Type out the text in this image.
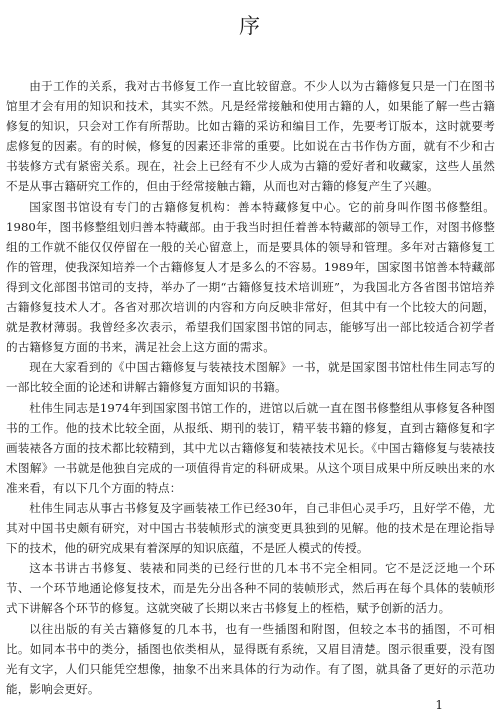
序

由于工作的关系，我对古书修复工作一直比较留意。不少人以为古籍修复只是一门在图书馆里才会有用的知识和技术，其实不然。凡是经常接触和使用古籍的人，如果能了解一些古籍修复的知识，只会对工作有所帮助。比如古籍的采访和编目工作，先要考订版本，这时就要考虑修复的因素。有的时候，修复的因素还非常的重要。比如说在古书作伪方面，就有不少和古书装修方式有紧密关系。现在，社会上已经有不少人成为古籍的爱好者和收藏家，这些人虽然不是从事古籍研究工作的，但由于经常接触古籍，从而也对古籍的修复产生了兴趣。

国家图书馆设有专门的古籍修复机构：善本特藏修复中心。它的前身叫作图书修整组。1980年，图书修整组划归善本特藏部。由于我当时担任着善本特藏部的领导工作，对图书修整组的工作就不能仅仅停留在一般的关心留意上，而是要具体的领导和管理。多年对古籍修复工作的管理，使我深知培养一个古籍修复人才是多么的不容易。1989年，国家图书馆善本特藏部得到文化部图书馆司的支持，举办了一期“古籍修复技术培训班”，为我国北方各省图书馆培养古籍修复技术人才。各省对那次培训的内容和方向反映非常好，但其中有一个比较大的问题，就是教材薄弱。我曾经多次表示，希望我们国家图书馆的同志，能够写出一部比较适合初学者的古籍修复方面的书来，满足社会上这方面的需求。

现在大家看到的《中国古籍修复与装裱技术图解》一书，就是国家图书馆杜伟生同志写的一部比较全面的论述和讲解古籍修复方面知识的书籍。

杜伟生同志是1974年到国家图书馆工作的，进馆以后就一直在图书修整组从事修复各种图书的工作。他的技术比较全面，从报纸、期刊的装订，精平装书籍的修复，直到古籍修复和字画装裱各方面的技术都比较精到，其中尤以古籍修复和装裱技术见长。《中国古籍修复与装裱技术图解》一书就是他独自完成的一项值得肯定的科研成果。从这个项目成果中所反映出来的水准来看，有以下几个方面的特点：

杜伟生同志从事古书修复及字画装裱工作已经30年，自己非但心灵手巧，且好学不倦，尤其对中国书史颇有研究，对中国古书装帧形式的演变更具独到的见解。他的技术是在理论指导下的技术，他的研究成果有着深厚的知识底蕴，不是匠人模式的传授。

这本书讲古书修复、装裱和同类的已经行世的几本书不完全相同。它不是泛泛地一个环节、一个环节地通论修复技术，而是先分出各种不同的装帧形式，然后再在每个具体的装帧形式下讲解各个环节的修复。这就突破了长期以来古书修复上的桎梏，赋予创新的活力。

以往出版的有关古籍修复的几本书，也有一些插图和附图，但较之本书的插图，不可相比。如同本书中的类分，插图也依类相从，显得既有系统，又眉目清楚。图示很重要，没有图光有文字，人们只能凭空想像，抽象不出来具体的行为动作。有了图，就具备了更好的示范功能，影响会更好。

1
